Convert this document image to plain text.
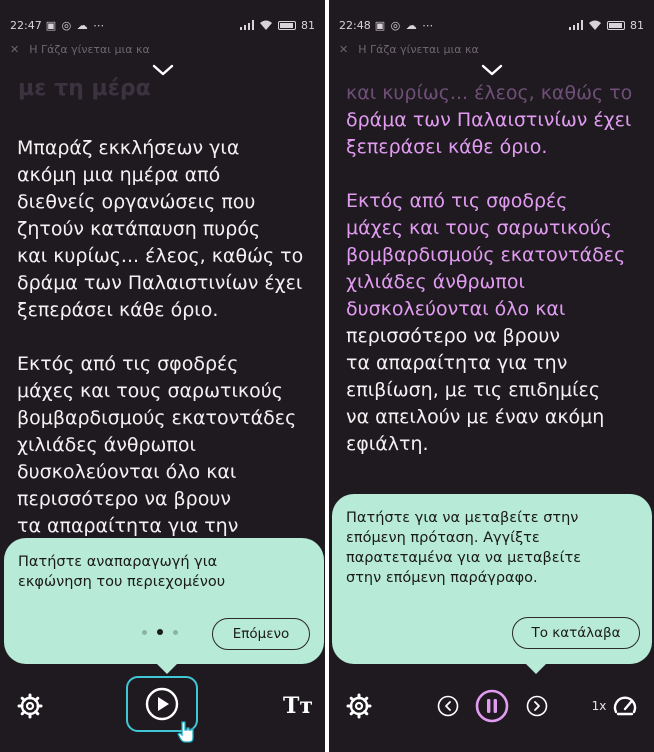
22:47 ▣ ◎ ☁ ⋯	81
✕ Η Γάζα γίνεται μια κα
με τη μέρα

Μπαράζ εκκλήσεων για
ακόμη μια ημέρα από
διεθνείς οργανώσεις που
ζητούν κατάπαυση πυρός
και κυρίως... έλεος, καθώς το
δράμα των Παλαιστινίων έχει
ξεπεράσει κάθε όριο.

Εκτός από τις σφοδρές
μάχες και τους σαρωτικούς
βομβαρδισμούς εκατοντάδες
χιλιάδες άνθρωποι
δυσκολεύονται όλο και
περισσότερο να βρουν
τα απαραίτητα για την

Πατήστε αναπαραγωγή για
εκφώνηση του περιεχομένου
Επόμενο
Tт
22:48 ▣ ◎ ☁ ⋯	81
✕ Η Γάζα γίνεται μια κα
και κυρίως... έλεος, καθώς το

δράμα των Παλαιστινίων έχει
ξεπεράσει κάθε όριο.

Εκτός από τις σφοδρές
μάχες και τους σαρωτικούς
βομβαρδισμούς εκατοντάδες
χιλιάδες άνθρωποι
δυσκολεύονται όλο και

περισσότερο να βρουν
τα απαραίτητα για την
επιβίωση, με τις επιδημίες
να απειλούν με έναν ακόμη
εφιάλτη.

Πατήστε για να μεταβείτε στην
επόμενη πρόταση. Αγγίξτε
παρατεταμένα για να μεταβείτε
στην επόμενη παράγραφο.
Το κατάλαβα
1x
